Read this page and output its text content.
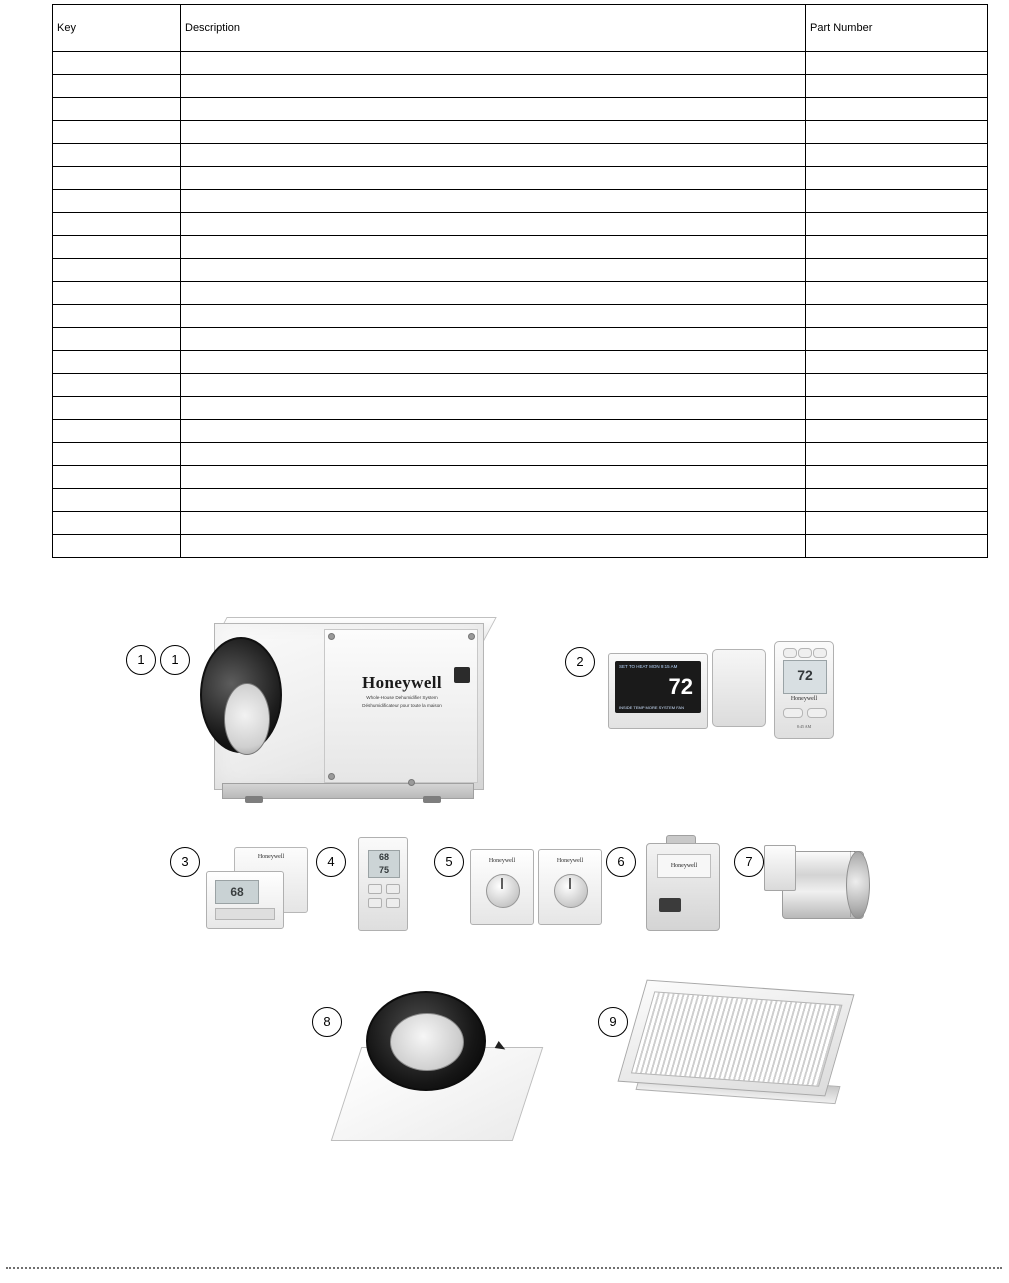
Key	Description	Part Number

1	1	2
3	4	5	6	7
8	9
Honeywell
Whole-House Dehumidifier System
Déshumidificateur pour toute la maison
SET TO HEAT MON 9:15 AM
72
INSIDE TEMP MORE SYSTEM FAN
72
Honeywell
8:45 AM
Honeywell
68
68
75
Honeywell	Honeywell
Honeywell
